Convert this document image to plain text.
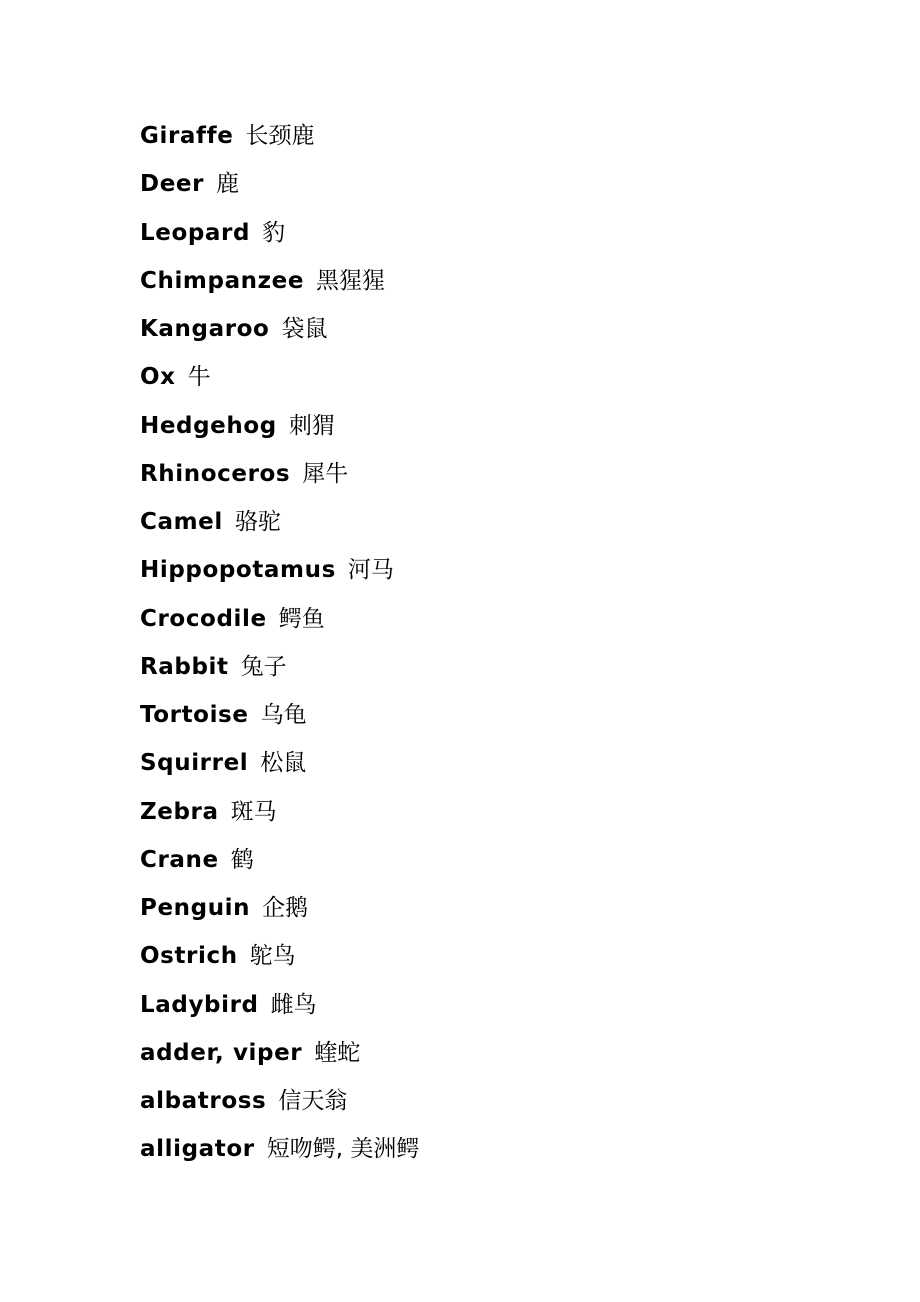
Giraffe 长颈鹿
Deer 鹿
Leopard 豹
Chimpanzee 黑猩猩
Kangaroo 袋鼠
Ox 牛
Hedgehog 刺猬
Rhinoceros 犀牛
Camel 骆驼
Hippopotamus 河马
Crocodile 鳄鱼
Rabbit 兔子
Tortoise 乌龟
Squirrel 松鼠
Zebra 斑马
Crane 鹤
Penguin 企鹅
Ostrich 鸵鸟
Ladybird 雌鸟
adder, viper 蝰蛇
albatross 信天翁
alligator 短吻鳄, 美洲鳄
